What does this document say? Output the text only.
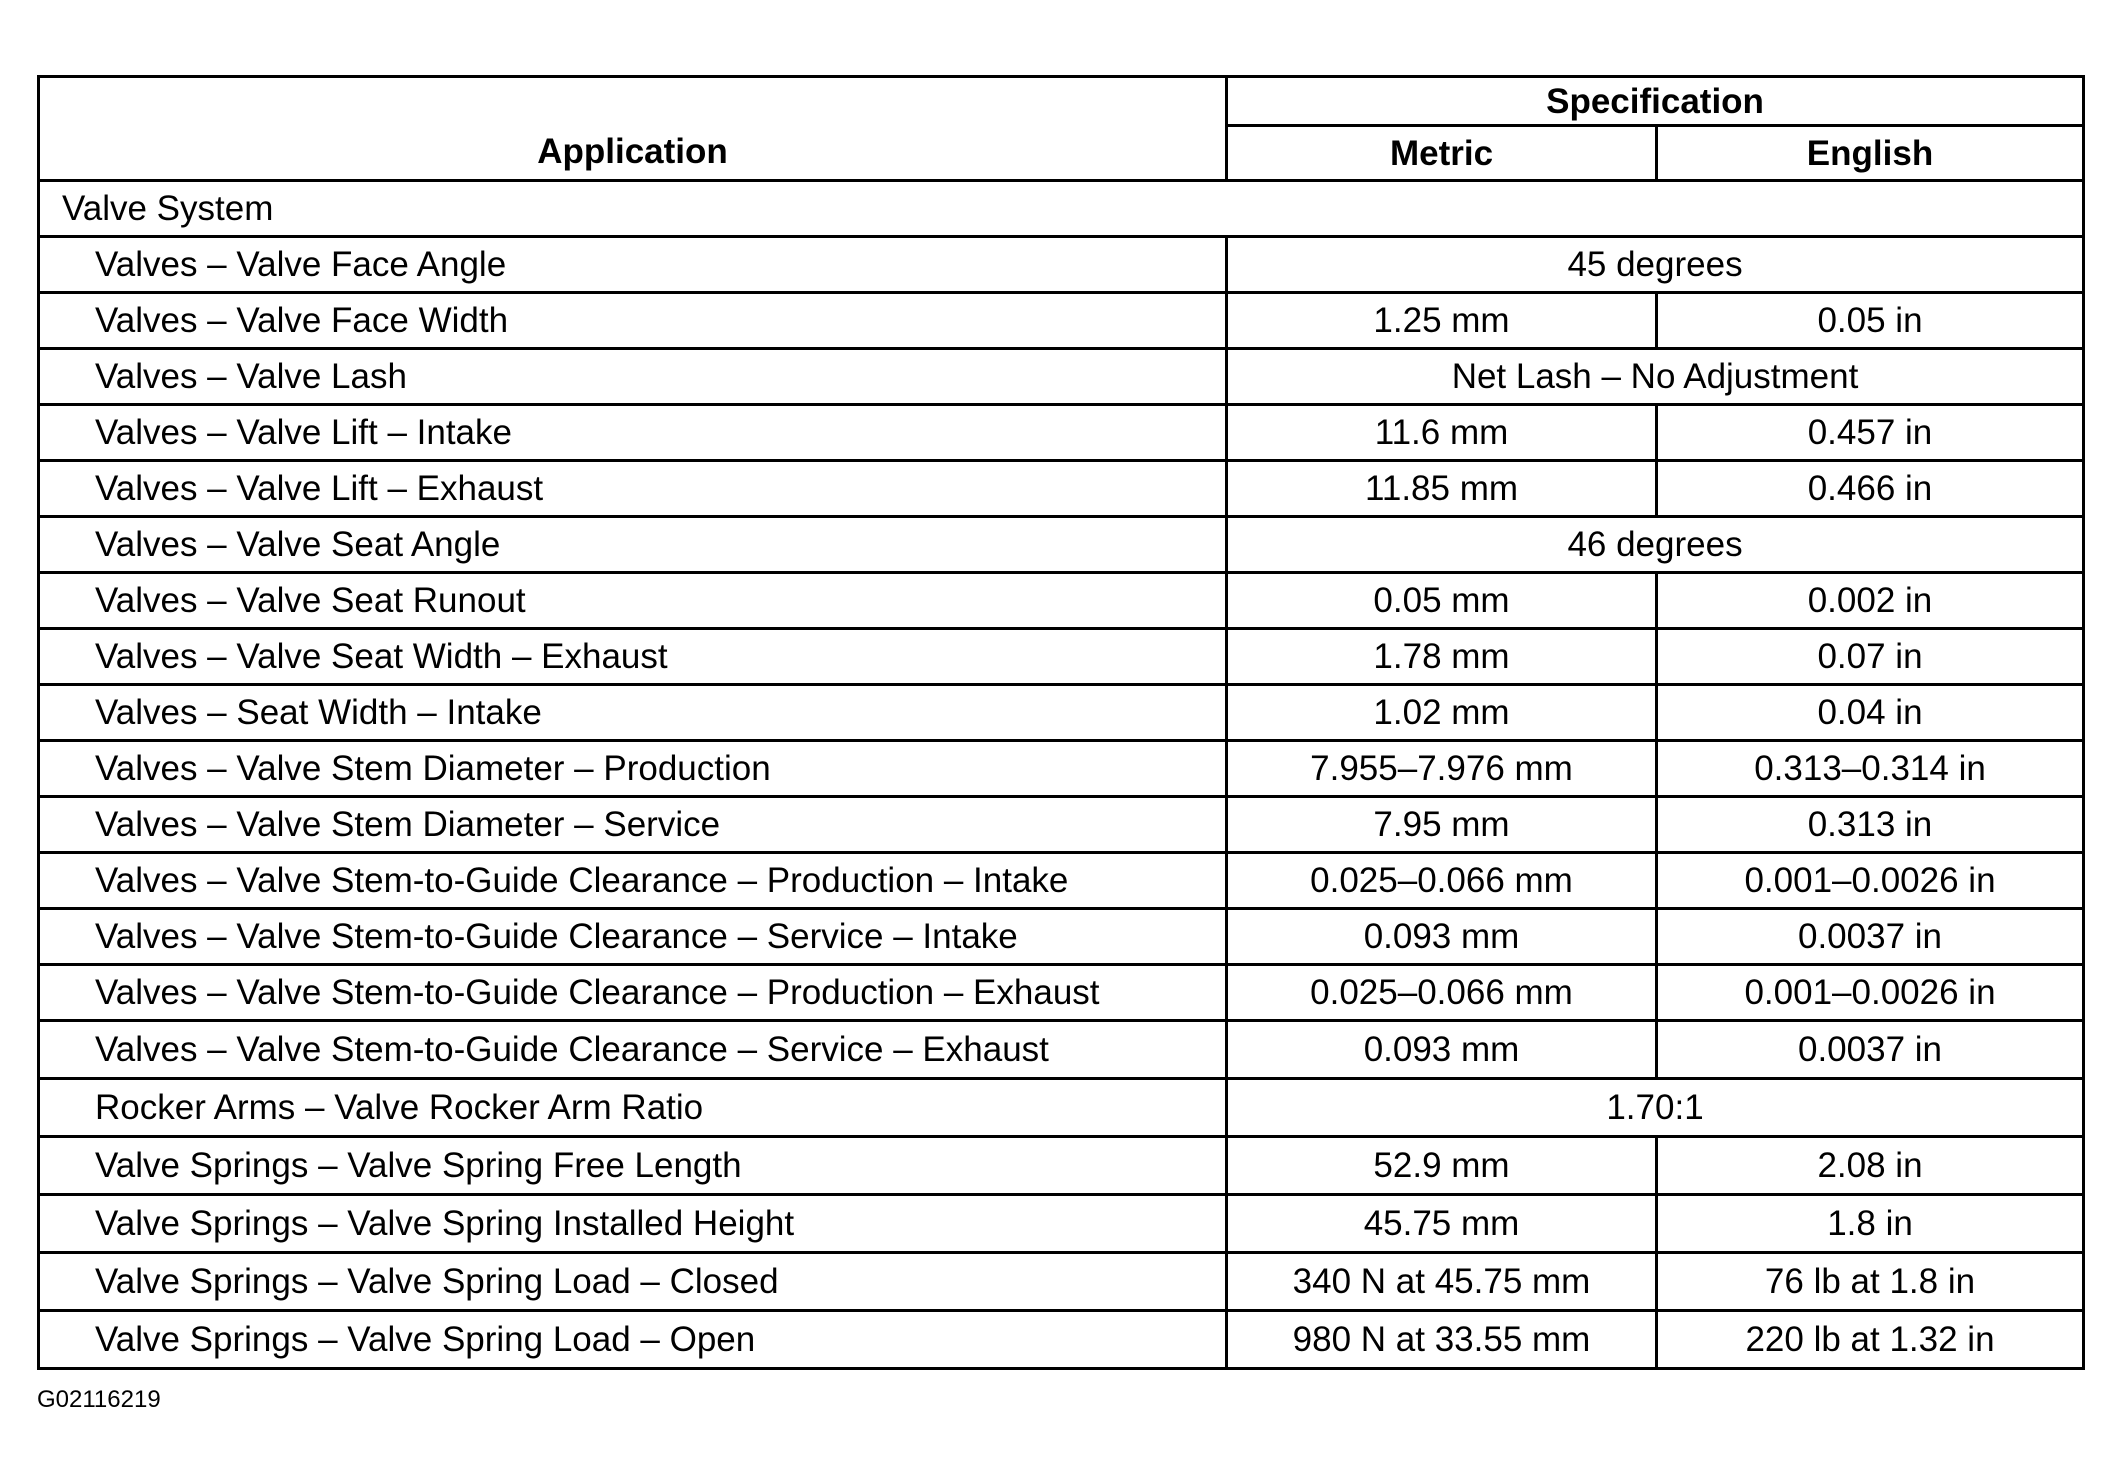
Application	Specification	
	Metric	English
Valve System		
Valves – Valve Face Angle	45 degrees	
Valves – Valve Face Width	1.25 mm	0.05 in
Valves – Valve Lash	Net Lash – No Adjustment	
Valves – Valve Lift – Intake	11.6 mm	0.457 in
Valves – Valve Lift – Exhaust	11.85 mm	0.466 in
Valves – Valve Seat Angle	46 degrees	
Valves – Valve Seat Runout	0.05 mm	0.002 in
Valves – Valve Seat Width – Exhaust	1.78 mm	0.07 in
Valves – Seat Width – Intake	1.02 mm	0.04 in
Valves – Valve Stem Diameter – Production	7.955–7.976 mm	0.313–0.314 in
Valves – Valve Stem Diameter – Service	7.95 mm	0.313 in
Valves – Valve Stem-to-Guide Clearance – Production – Intake	0.025–0.066 mm	0.001–0.0026 in
Valves – Valve Stem-to-Guide Clearance – Service – Intake	0.093 mm	0.0037 in
Valves – Valve Stem-to-Guide Clearance – Production – Exhaust	0.025–0.066 mm	0.001–0.0026 in
Valves – Valve Stem-to-Guide Clearance – Service – Exhaust	0.093 mm	0.0037 in
Rocker Arms – Valve Rocker Arm Ratio	1.70:1	
Valve Springs – Valve Spring Free Length	52.9 mm	2.08 in
Valve Springs – Valve Spring Installed Height	45.75 mm	1.8 in
Valve Springs – Valve Spring Load – Closed	340 N at 45.75 mm	76 lb at 1.8 in
Valve Springs – Valve Spring Load – Open	980 N at 33.55 mm	220 lb at 1.32 in
G02116219
